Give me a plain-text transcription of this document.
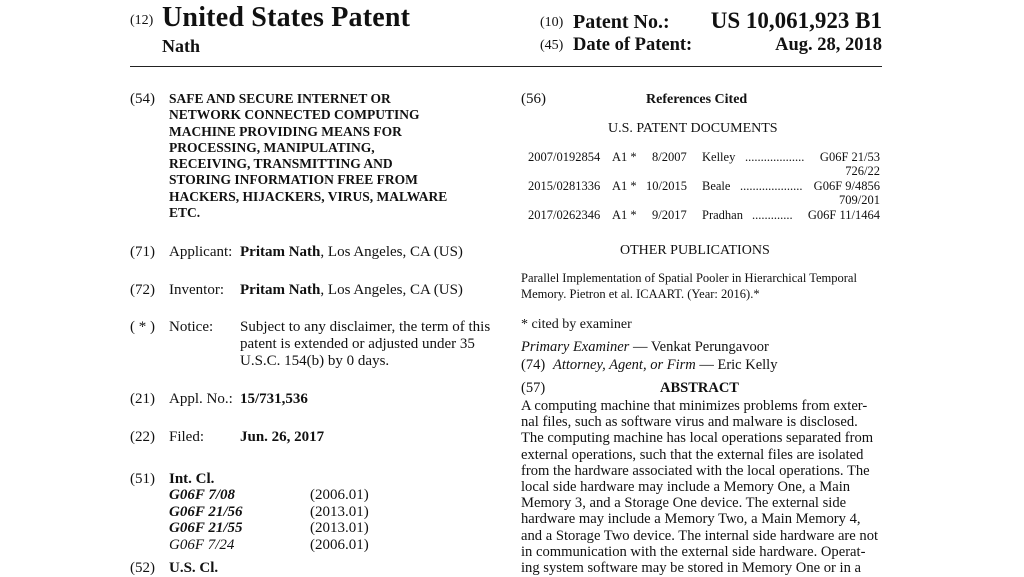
(12) United States Patent
Nath
(10) Patent No.: US 10,061,923 B1
(45) Date of Patent:	Aug. 28, 2018
(54) SAFE AND SECURE INTERNET OR
NETWORK CONNECTED COMPUTING
MACHINE PROVIDING MEANS FOR
PROCESSING, MANIPULATING,
RECEIVING, TRANSMITTING AND
STORING INFORMATION FREE FROM
HACKERS, HIJACKERS, VIRUS, MALWARE
ETC.
(71) Applicant: Pritam Nath, Los Angeles, CA (US)
(72) Inventor: Pritam Nath, Los Angeles, CA (US)
( * ) Notice: Subject to any disclaimer, the term of this
patent is extended or adjusted under 35
U.S.C. 154(b) by 0 days.
(21) Appl. No.: 15/731,536
(22) Filed: Jun. 26, 2017
(51) Int. Cl.
G06F 7/08	(2006.01)
G06F 21/56	(2013.01)
G06F 21/55	(2013.01)
G06F 7/24	(2006.01)
(52) U.S. Cl.
(56)	References Cited
U.S. PATENT DOCUMENTS
2007/0192854 A1 * 8/2007 Kelley ................... G06F 21/53
726/22
2015/0281336 A1 * 10/2015 Beale .................... G06F 9/4856
709/201
2017/0262346 A1 * 9/2017 Pradhan ............. G06F 11/1464
OTHER PUBLICATIONS
Parallel Implementation of Spatial Pooler in Hierarchical Temporal
Memory. Pietron et al. ICAART. (Year: 2016).*
* cited by examiner
Primary Examiner — Venkat Perungavoor
(74) Attorney, Agent, or Firm — Eric Kelly
(57)	ABSTRACT
A computing machine that minimizes problems from exter-
nal files, such as software virus and malware is disclosed.
The computing machine has local operations separated from
external operations, such that the external files are isolated
from the hardware associated with the local operations. The
local side hardware may include a Memory One, a Main
Memory 3, and a Storage One device. The external side
hardware may include a Memory Two, a Main Memory 4,
and a Storage Two device. The internal side hardware are not
in communication with the external side hardware. Operat-
ing system software may be stored in Memory One or in a
